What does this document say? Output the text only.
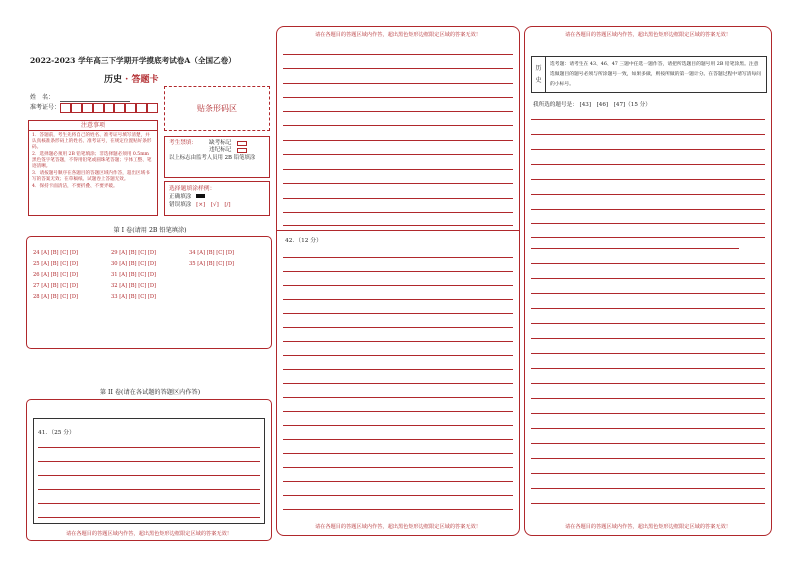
2022-2023 学年高三下学期开学摸底考试卷A（全国乙卷）
历史 · 答题卡
姓　名：
准考证号：	贴条形码区
注意事项
1．答题前，考生先将自己的姓名、准考证号填写清楚，并认真核准条形码上的姓名、准考证号，在规定位置贴好条形码。
2．选择题必须用 2B 铅笔填涂；非选择题必须用 0.5mm 黑色签字笔答题，不得用铅笔或圆珠笔答题；字体工整、笔迹清晰。
3．请按题号顺序在各题目的答题区域内作答，超出区域书写的答案无效；在草稿纸、试题卷上答题无效。
4．保持卡面清洁，不要折叠、不要弄破。
考生禁填：	缺考标记
违纪标记
以上标志由监考人员用 2B 铅笔填涂
选择题填涂样例：
正确填涂
错误填涂 [×]　[√]　[/]
第 I 卷(请用 2B 铅笔填涂)
24 [A] [B] [C] [D]
25 [A] [B] [C] [D]
26 [A] [B] [C] [D]
27 [A] [B] [C] [D]
28 [A] [B] [C] [D]
29 [A] [B] [C] [D]
30 [A] [B] [C] [D]
31 [A] [B] [C] [D]
32 [A] [B] [C] [D]
33 [A] [B] [C] [D]
34 [A] [B] [C] [D]
35 [A] [B] [C] [D]
第 II 卷(请在各试题的答题区内作答)
41．（25 分）
请在各题目的答题区域内作答，超出黑色矩形边框限定区域的答案无效！
请在各题目的答题区域内作答，超出黑色矩形边框限定区域的答案无效！
42．（12 分）
请在各题目的答题区域内作答，超出黑色矩形边框限定区域的答案无效！
请在各题目的答题区域内作答，超出黑色矩形边框限定区域的答案无效！
历
史
选考题：请考生在 43、46、47 三题中任选一题作答，请把所选题目的题号用 2B 铅笔涂黑。注意选做题目的题号必须与所涂题号一致，如果多做，则按所做的第一题计分。在答题过程中请写清每问的小标号。
我所选的题号是： [43]　[46]　[47]（15 分）
请在各题目的答题区域内作答，超出黑色矩形边框限定区域的答案无效！
